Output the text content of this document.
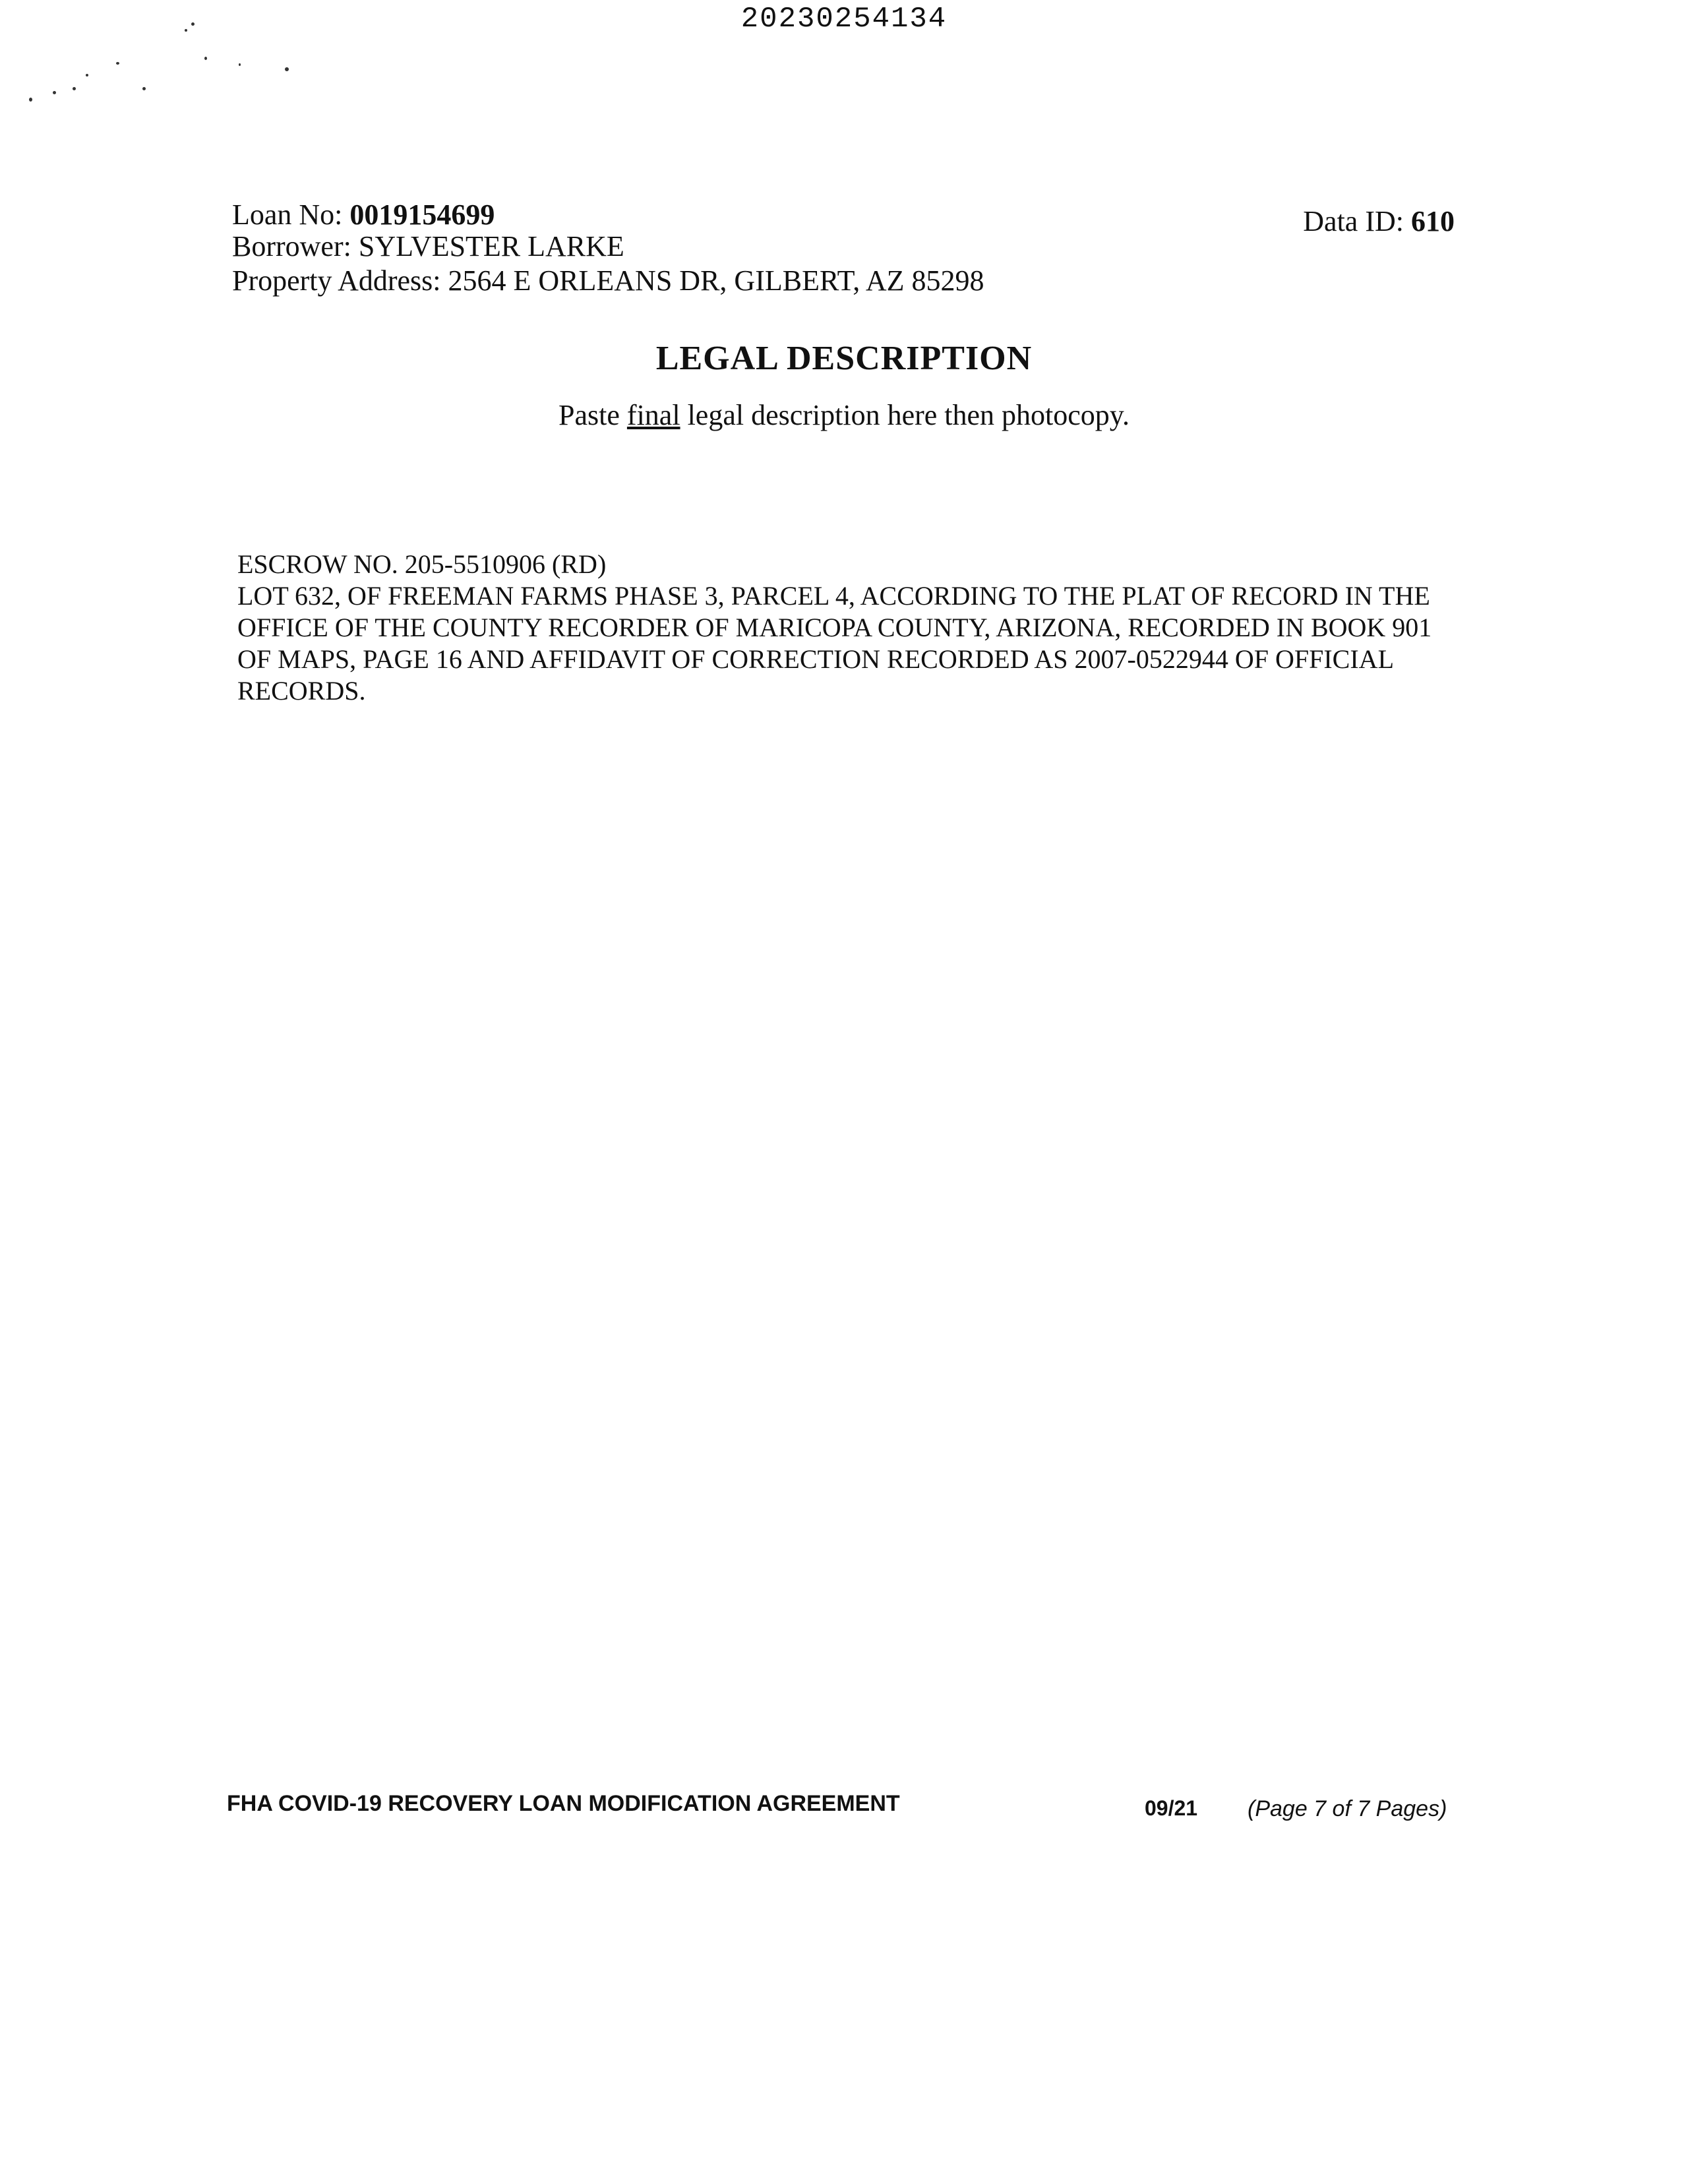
20230254134
Loan No: 0019154699
Borrower: SYLVESTER LARKE
Property Address: 2564 E ORLEANS DR, GILBERT, AZ 85298
Data ID: 610
LEGAL DESCRIPTION
Paste final legal description here then photocopy.

ESCROW NO. 205-5510906 (RD)

LOT 632, OF FREEMAN FARMS PHASE 3, PARCEL 4, ACCORDING TO THE PLAT OF RECORD IN THE OFFICE OF THE COUNTY RECORDER OF MARICOPA COUNTY, ARIZONA, RECORDED IN BOOK 901 OF MAPS, PAGE 16 AND AFFIDAVIT OF CORRECTION RECORDED AS 2007-0522944 OF OFFICIAL RECORDS.

FHA COVID-19 RECOVERY LOAN MODIFICATION AGREEMENT	09/21 (Page 7 of 7 Pages)
